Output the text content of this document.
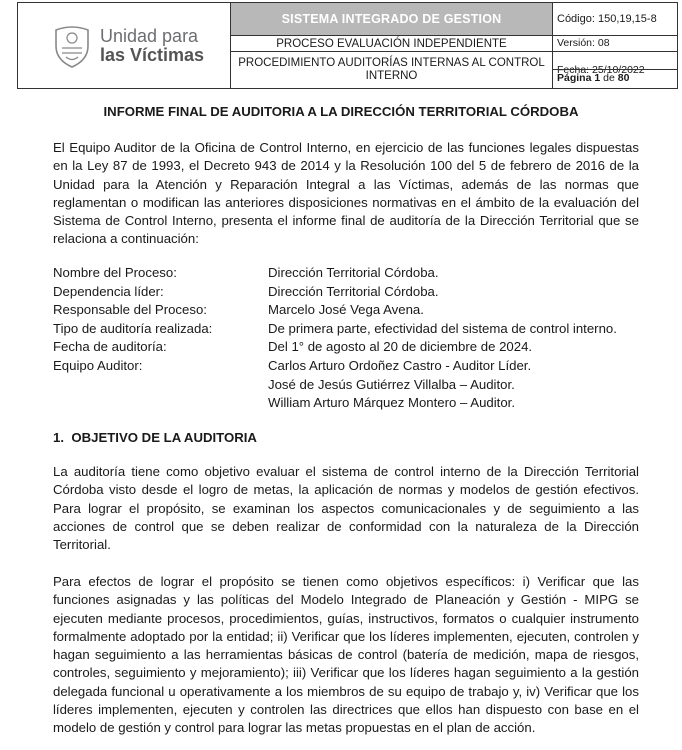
Unidad para
las Víctimas	SISTEMA INTEGRADO DE GESTION	Código: 150,19,15-8
	PROCESO EVALUACIÓN INDEPENDIENTE	Versión: 08
	PROCEDIMIENTO AUDITORÍAS INTERNAS AL CONTROL INTERNO	Fecha: 25/10/2022
Página 1 de 80
INFORME FINAL DE AUDITORIA A LA DIRECCIÓN TERRITORIAL CÓRDOBA

El Equipo Auditor de la Oficina de Control Interno, en ejercicio de las funciones legales dispuestas en la Ley 87 de 1993, el Decreto 943 de 2014 y la Resolución 100 del 5 de febrero de 2016 de la Unidad para la Atención y Reparación Integral a las Víctimas, además de las normas que reglamentan o modifican las anteriores disposiciones normativas en el ámbito de la evaluación del Sistema de Control Interno, presenta el informe final de auditoría de la Dirección Territorial que se relaciona a continuación:

Nombre del Proceso:	Dirección Territorial Córdoba.
Dependencia líder:	Dirección Territorial Córdoba.
Responsable del Proceso:	Marcelo José Vega Avena.
Tipo de auditoría realizada:	De primera parte, efectividad del sistema de control interno.
Fecha de auditoría:	Del 1° de agosto al 20 de diciembre de 2024.
Equipo Auditor:	Carlos Arturo Ordoñez Castro - Auditor Líder.
José de Jesús Gutiérrez Villalba – Auditor.
William Arturo Márquez Montero – Auditor.
1. OBJETIVO DE LA AUDITORIA

La auditoría tiene como objetivo evaluar el sistema de control interno de la Dirección Territorial Córdoba visto desde el logro de metas, la aplicación de normas y modelos de gestión efectivos. Para lograr el propósito, se examinan los aspectos comunicacionales y de seguimiento a las acciones de control que se deben realizar de conformidad con la naturaleza de la Dirección Territorial.

Para efectos de lograr el propósito se tienen como objetivos específicos: i) Verificar que las funciones asignadas y las políticas del Modelo Integrado de Planeación y Gestión - MIPG se ejecuten mediante procesos, procedimientos, guías, instructivos, formatos o cualquier instrumento formalmente adoptado por la entidad; ii) Verificar que los líderes implementen, ejecuten, controlen y hagan seguimiento a las herramientas básicas de control (batería de medición, mapa de riesgos, controles, seguimiento y mejoramiento); iii) Verificar que los líderes hagan seguimiento a la gestión delegada funcional u operativamente a los miembros de su equipo de trabajo y, iv) Verificar que los líderes implementen, ejecuten y controlen las directrices que ellos han dispuesto con base en el modelo de gestión y control para lograr las metas propuestas en el plan de acción.
